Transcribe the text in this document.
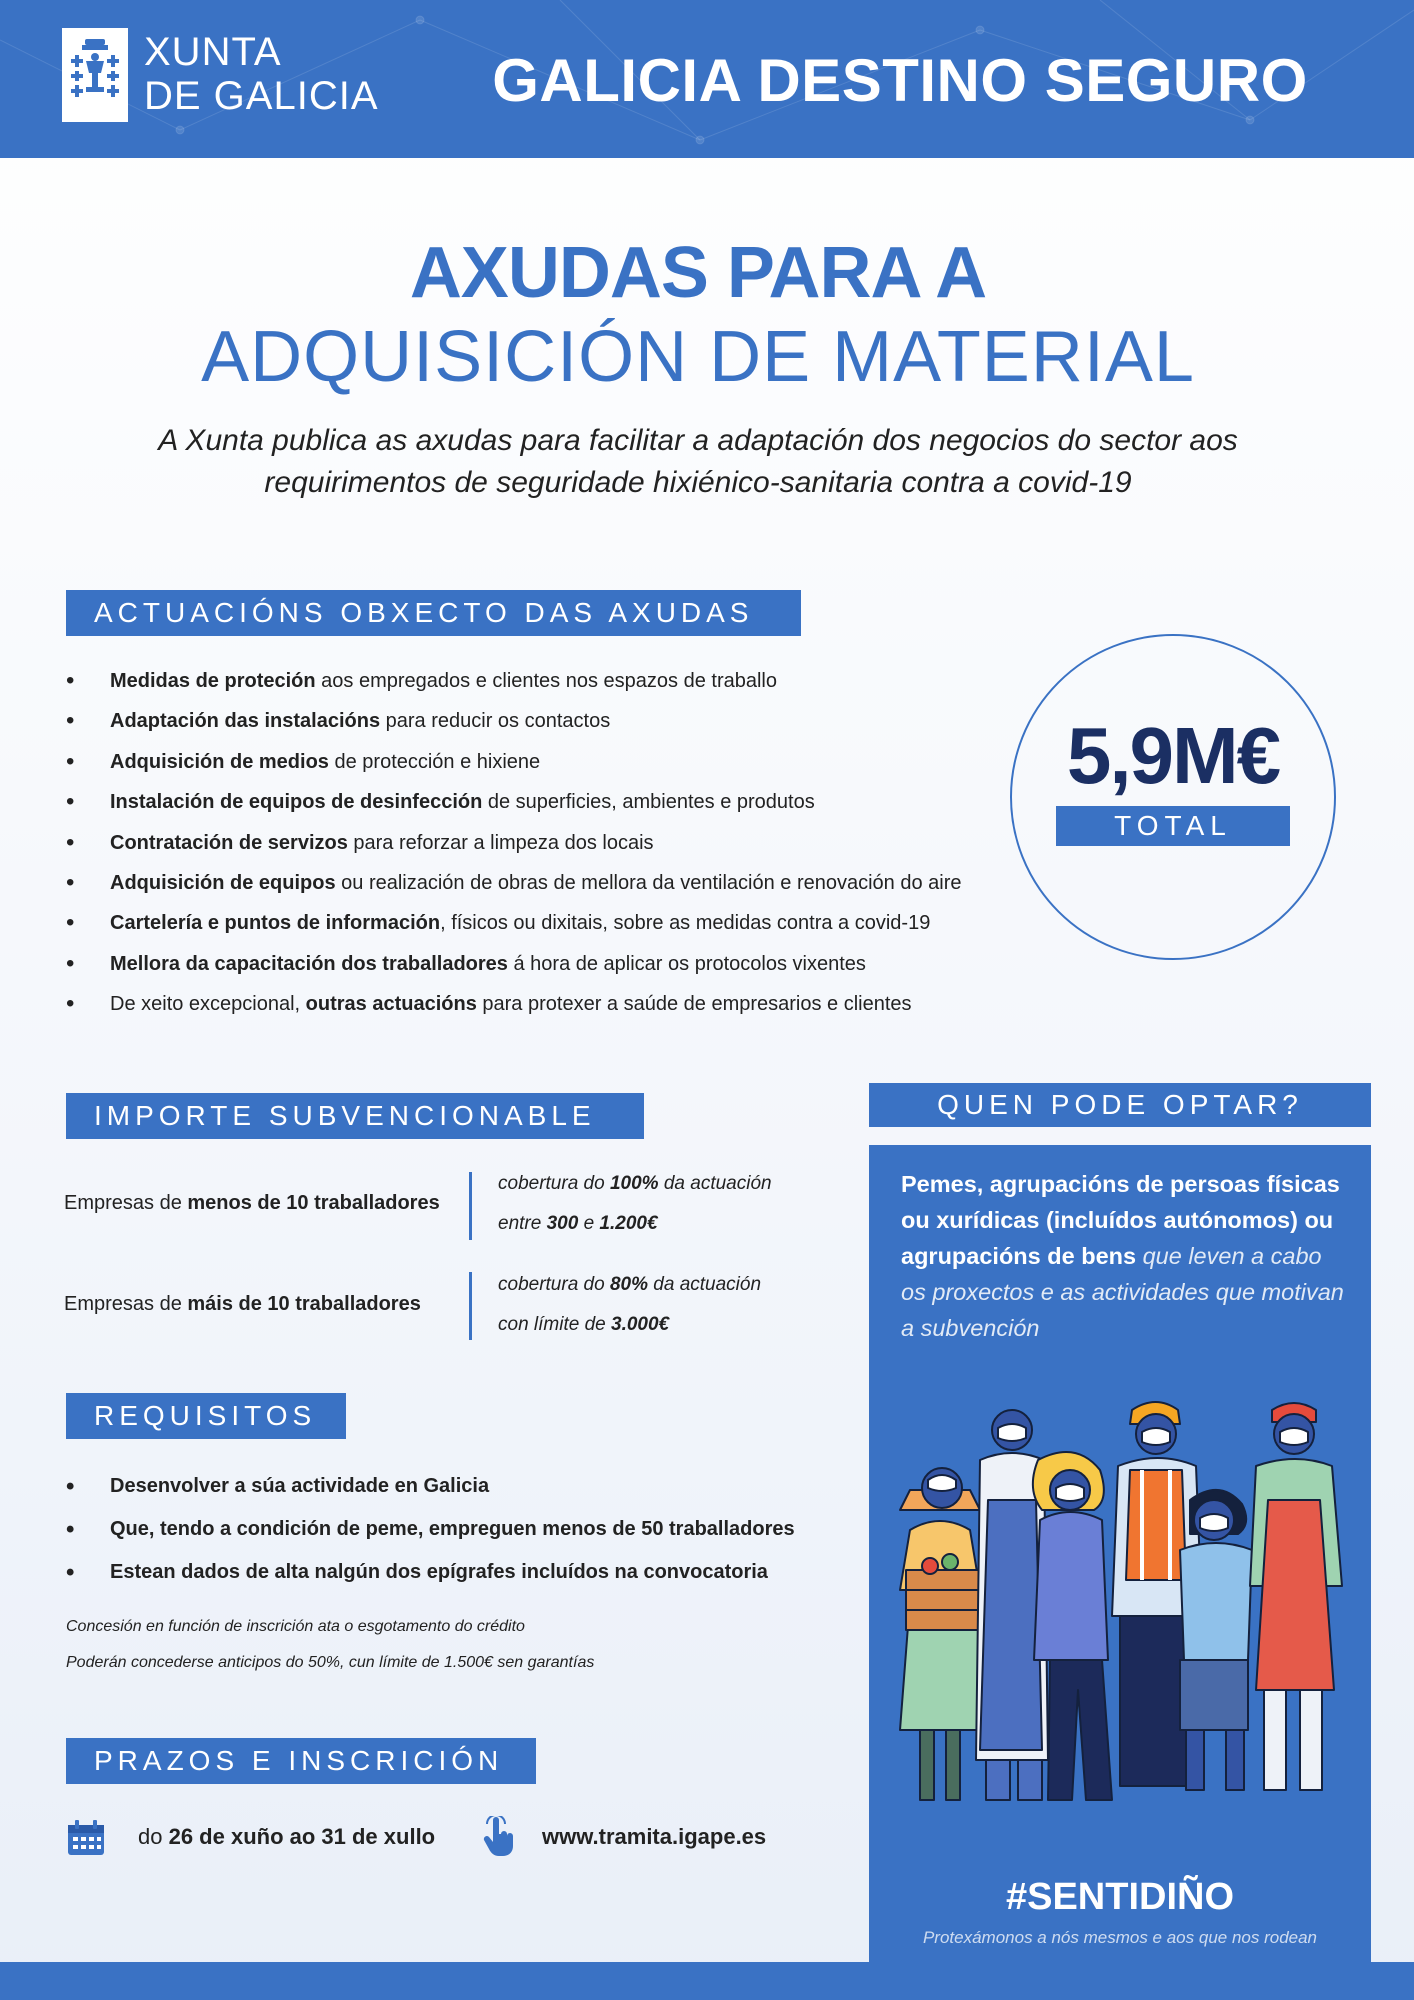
XUNTA
DE GALICIA	GALICIA DESTINO SEGURO
AXUDAS PARA A
ADQUISICIÓN DE MATERIAL
A Xunta publica as axudas para facilitar a adaptación dos negocios do sector aos
requirimentos de seguridade hixiénico-sanitaria contra a covid-19
ACTUACIÓNS OBXECTO DAS AXUDAS
• Medidas de proteción aos empregados e clientes nos espazos de traballo
• Adaptación das instalacións para reducir os contactos
• Adquisición de medios de protección e hixiene
• Instalación de equipos de desinfección de superficies, ambientes e produtos
• Contratación de servizos para reforzar a limpeza dos locais
• Adquisición de equipos ou realización de obras de mellora da ventilación e renovación do aire
• Cartelería e puntos de información, físicos ou dixitais, sobre as medidas contra a covid-19
• Mellora da capacitación dos traballadores á hora de aplicar os protocolos vixentes
• De xeito excepcional, outras actuacións para protexer a saúde de empresarios e clientes
5,9M€
TOTAL
IMPORTE SUBVENCIONABLE
Empresas de menos de 10 traballadores
cobertura do 100% da actuación
entre 300 e 1.200€
Empresas de máis de 10 traballadores
cobertura do 80% da actuación
con límite de 3.000€
REQUISITOS
• Desenvolver a súa actividade en Galicia
• Que, tendo a condición de peme, empreguen menos de 50 traballadores
• Estean dados de alta nalgún dos epígrafes incluídos na convocatoria
Concesión en función de inscrición ata o esgotamento do crédito
Poderán concederse anticipos do 50%, cun límite de 1.500€ sen garantías
PRAZOS E INSCRICIÓN
do 26 de xuño ao 31 de xullo	www.tramita.igape.es
QUEN PODE OPTAR?
Pemes, agrupacións de persoas físicas ou xurídicas (incluídos autónomos) ou agrupacións de bens que leven a cabo os proxectos e as actividades que motivan a subvención
#SENTIDIÑO
Protexámonos a nós mesmos e aos que nos rodean
